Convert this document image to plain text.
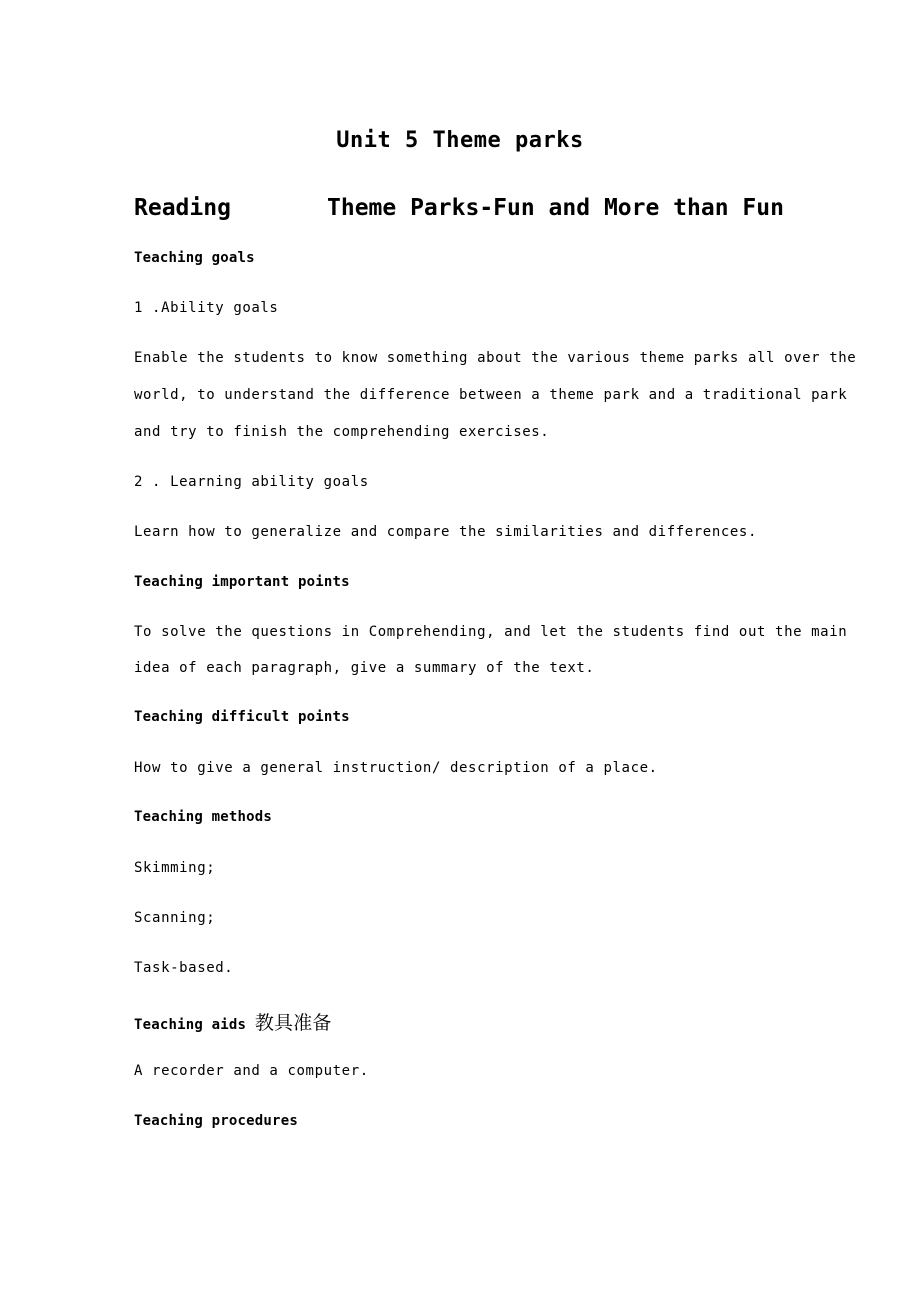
Unit 5 Theme parks
Reading	Theme Parks-Fun and More than Fun
Teaching goals
1 .Ability goals
Enable the students to know something about the various theme parks all over the
world, to understand the difference between a theme park and a traditional park
and try to finish the comprehending exercises.
2 . Learning ability goals
Learn how to generalize and compare the similarities and differences.
Teaching important points
To solve the questions in Comprehending, and let the students find out the main
idea of each paragraph, give a summary of the text.
Teaching difficult points
How to give a general instruction/ description of a place.
Teaching methods
Skimming;
Scanning;
Task-based.
Teaching aids 教具准备
A recorder and a computer.
Teaching procedures
